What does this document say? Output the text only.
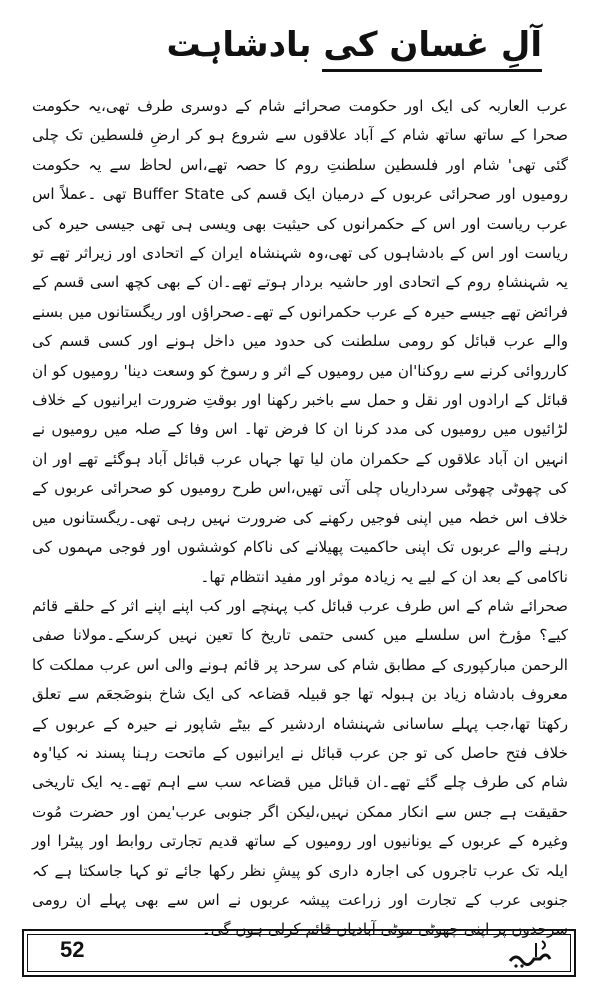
آلِ غسان کی بادشاہت

عرب العاربہ کی ایک اور حکومت صحرائے شام کے دوسری طرف تھی،یہ حکومت صحرا کے ساتھ ساتھ شام کے آباد علاقوں سے شروع ہو کر ارضِ فلسطین تک چلی گئی تھی' شام اور فلسطین سلطنتِ روم کا حصہ تھے،اس لحاظ سے یہ حکومت رومیوں اور صحرائی عربوں کے درمیان ایک قسم کی Buffer State تھی ۔عملاً اس عرب ریاست اور اس کے حکمرانوں کی حیثیت بھی ویسی ہی تھی جیسی حیرہ کی ریاست اور اس کے بادشاہوں کی تھی،وہ شہنشاہ ایران کے اتحادی اور زیراثر تھے تو یہ شہنشاہِ روم کے اتحادی اور حاشیہ بردار ہوتے تھے۔ان کے بھی کچھ اسی قسم کے فرائض تھے جیسے حیرہ کے عرب حکمرانوں کے تھے۔صحراؤں اور ریگستانوں میں بسنے والے عرب قبائل کو رومی سلطنت کی حدود میں داخل ہونے اور کسی قسم کی کارروائی کرنے سے روکنا'ان میں رومیوں کے اثر و رسوخ کو وسعت دینا' رومیوں کو ان قبائل کے ارادوں اور نقل و حمل سے باخبر رکھنا اور بوقتِ ضرورت ایرانیوں کے خلاف لڑائیوں میں رومیوں کی مدد کرنا ان کا فرض تھا۔ اس وفا کے صلہ میں رومیوں نے انہیں ان آباد علاقوں کے حکمران مان لیا تھا جہاں عرب قبائل آباد ہوگئے تھے اور ان کی چھوٹی چھوٹی سرداریاں چلی آتی تھیں،اس طرح رومیوں کو صحرائی عربوں کے خلاف اس خطہ میں اپنی فوجیں رکھنے کی ضرورت نہیں رہی تھی۔ریگستانوں میں رہنے والے عربوں تک اپنی حاکمیت پھیلانے کی ناکام کوششوں اور فوجی مہموں کی ناکامی کے بعد ان کے لیے یہ زیادہ موثر اور مفید انتظام تھا۔

صحرائے شام کے اس طرف عرب قبائل کب پہنچے اور کب اپنے اپنے اثر کے حلقے قائم کیے؟ مؤرخ اس سلسلے میں کسی حتمی تاریخ کا تعین نہیں کرسکے۔مولانا صفی الرحمن مبارکپوری کے مطابق شام کی سرحد پر قائم ہونے والی اس عرب مملکت کا معروف بادشاہ زیاد بن ہبولہ تھا جو قبیلہ قضاعہ کی ایک شاخ بنوضَجعَم سے تعلق رکھتا تھا،جب پہلے ساسانی شہنشاہ اردشیر کے بیٹے شاپور نے حیرہ کے عربوں کے خلاف فتح حاصل کی تو جن عرب قبائل نے ایرانیوں کے ماتحت رہنا پسند نہ کیا'وہ شام کی طرف چلے گئے تھے۔ان قبائل میں قضاعہ سب سے اہم تھے۔یہ ایک تاریخی حقیقت ہے جس سے انکار ممکن نہیں،لیکن اگر جنوبی عرب'یمن اور حضرت مُوت وغیرہ کے عربوں کے یونانیوں اور رومیوں کے ساتھ قدیم تجارتی روابط اور پیٹرا اور ایلہ تک عرب تاجروں کی اجارہ داری کو پیشِ نظر رکھا جائے تو کہا جاسکتا ہے کہ جنوبی عرب کے تجارت اور زراعت پیشہ عربوں نے اس سے بھی پہلے ان رومی سرحدوں پر اپنی چھوٹی موٹی آبادیاں قائم کرلی ہوں گی۔

52
